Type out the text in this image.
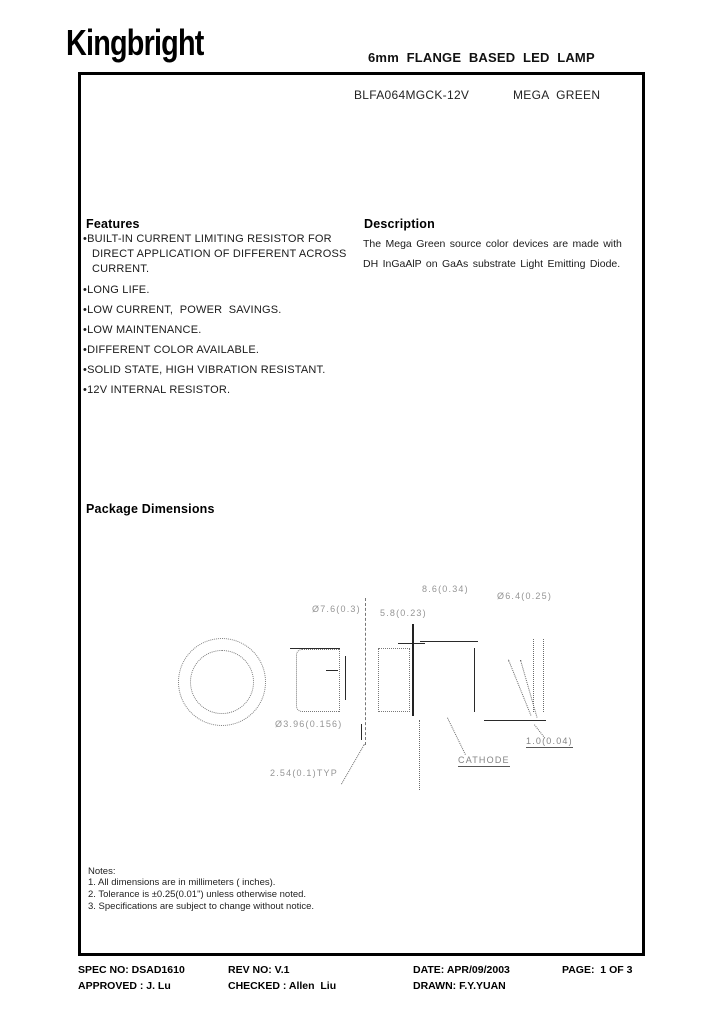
Kingbright	6mm  FLANGE  BASED  LED  LAMP
BLFA064MGCK-12V	MEGA  GREEN
Features
•BUILT-IN CURRENT LIMITING RESISTOR FOR
DIRECT APPLICATION OF DIFFERENT ACROSS
CURRENT.
•LONG LIFE.
•LOW CURRENT,  POWER  SAVINGS.
•LOW MAINTENANCE.
•DIFFERENT COLOR AVAILABLE.
•SOLID STATE, HIGH VIBRATION RESISTANT.
•12V INTERNAL RESISTOR.
Description
The Mega Green source color devices are made with
DH InGaAlP on GaAs substrate Light Emitting Diode.
Package Dimensions
Ø7.6(0.3) 5.8(0.23)
8.6(0.34)
Ø6.4(0.25)
Ø3.96(0.156)
2.54(0.1)TYP
CATHODE
1.0(0.04)
Notes:
1. All dimensions are in millimeters ( inches).
2. Tolerance is ±0.25(0.01") unless otherwise noted.
3. Specifications are subject to change without notice.
SPEC NO: DSAD1610	REV NO: V.1	DATE: APR/09/2003	PAGE:  1 OF 3
APPROVED : J. Lu	CHECKED : Allen  Liu	DRAWN: F.Y.YUAN
